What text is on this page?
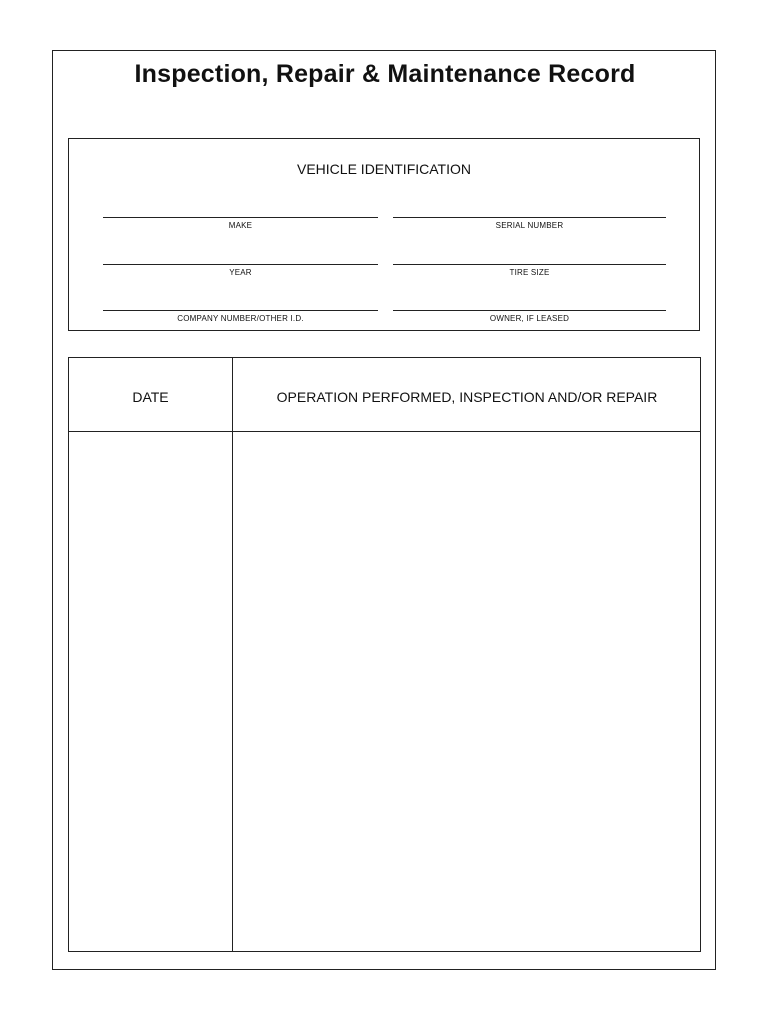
Inspection, Repair & Maintenance Record
VEHICLE IDENTIFICATION
MAKE	SERIAL NUMBER
YEAR	TIRE SIZE
COMPANY NUMBER/OTHER I.D.	OWNER, IF LEASED
DATE	OPERATION PERFORMED, INSPECTION AND/OR REPAIR
